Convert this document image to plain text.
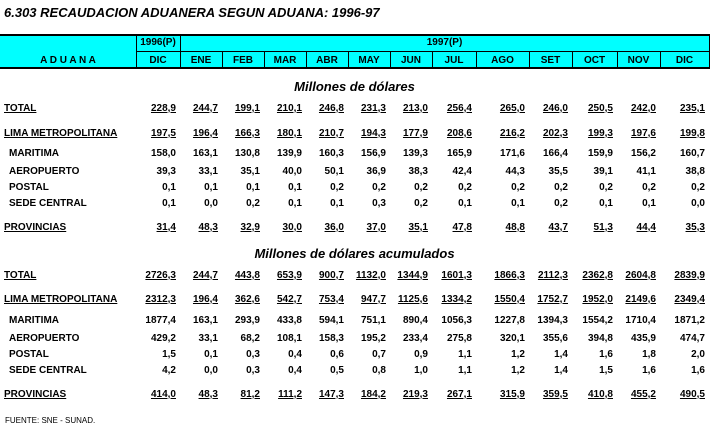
6.303 RECAUDACION ADUANERA SEGUN ADUANA: 1996-97
A D U A N A
1996(P)	1997(P)
DIC	ENE	FEB	MAR	ABR	MAY	JUN	JUL	AGO	SET	OCT	NOV	DIC
Millones de dólares
TOTAL	228,9	244,7	199,1	210,1	246,8	231,3	213,0	256,4	265,0	246,0	250,5	242,0	235,1
LIMA METROPOLITANA	197,5	196,4	166,3	180,1	210,7	194,3	177,9	208,6	216,2	202,3	199,3	197,6	199,8
MARITIMA	158,0	163,1	130,8	139,9	160,3	156,9	139,3	165,9	171,6	166,4	159,9	156,2	160,7
AEROPUERTO	39,3	33,1	35,1	40,0	50,1	36,9	38,3	42,4	44,3	35,5	39,1	41,1	38,8
POSTAL	0,1	0,1	0,1	0,1	0,2	0,2	0,2	0,2	0,2	0,2	0,2	0,2	0,2
SEDE CENTRAL	0,1	0,0	0,2	0,1	0,1	0,3	0,2	0,1	0,1	0,2	0,1	0,1	0,0
PROVINCIAS	31,4	48,3	32,9	30,0	36,0	37,0	35,1	47,8	48,8	43,7	51,3	44,4	35,3
Millones de dólares acumulados
TOTAL	2726,3	244,7	443,8	653,9	900,7	1132,0	1344,9	1601,3	1866,3	2112,3	2362,8	2604,8	2839,9
LIMA METROPOLITANA	2312,3	196,4	362,6	542,7	753,4	947,7	1125,6	1334,2	1550,4	1752,7	1952,0	2149,6	2349,4
MARITIMA	1877,4	163,1	293,9	433,8	594,1	751,1	890,4	1056,3	1227,8	1394,3	1554,2	1710,4	1871,2
AEROPUERTO	429,2	33,1	68,2	108,1	158,3	195,2	233,4	275,8	320,1	355,6	394,8	435,9	474,7
POSTAL	1,5	0,1	0,3	0,4	0,6	0,7	0,9	1,1	1,2	1,4	1,6	1,8	2,0
SEDE CENTRAL	4,2	0,0	0,3	0,4	0,5	0,8	1,0	1,1	1,2	1,4	1,5	1,6	1,6
PROVINCIAS	414,0	48,3	81,2	111,2	147,3	184,2	219,3	267,1	315,9	359,5	410,8	455,2	490,5
FUENTE: SNE - SUNAD.
